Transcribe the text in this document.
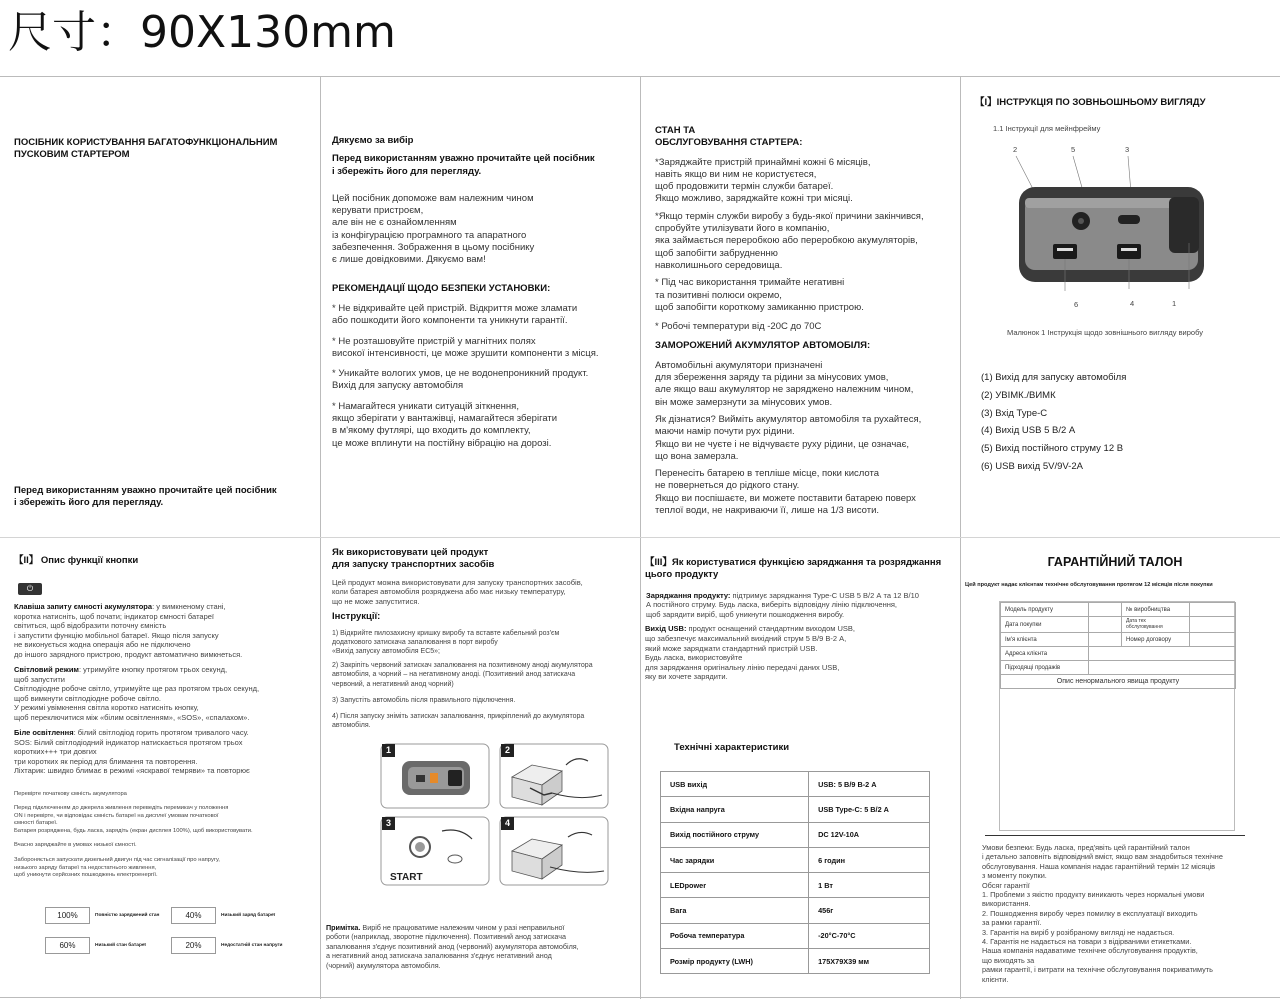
尺寸：90X130mm
ПОСІБНИК КОРИСТУВАННЯ БАГАТОФУНКЦІОНАЛЬНИМ
ПУСКОВИМ СТАРТЕРОМ
Перед використанням уважно прочитайте цей посібник
і збережіть його для перегляду.
Дякуємо за вибір
Перед використанням уважно прочитайте цей посібник
і збережіть його для перегляду.
Цей посібник допоможе вам належним чином
керувати пристроєм,
але він не є ознайомленням
із конфігурацією програмного та апаратного
забезпечення. Зображення в цьому посібнику
є лише довідковими. Дякуємо вам!
РЕКОМЕНДАЦІЇ ЩОДО БЕЗПЕКИ УСТАНОВКИ:
* Не відкривайте цей пристрій. Відкриття може зламати
або пошкодити його компоненти та уникнути гарантії.
* Не розташовуйте пристрій у магнітних полях
високої інтенсивності, це може зрушити компоненти з місця.
* Уникайте вологих умов, це не водонепроникний продукт.
Вихід для запуску автомобіля
* Намагайтеся уникати ситуацій зіткнення,
якщо зберігати у вантажівці, намагайтеся зберігати
в м'якому футлярі, що входить до комплекту,
це може вплинути на постійну вібрацію на дорозі.
СТАН ТА
ОБСЛУГОВУВАННЯ СТАРТЕРА:
*Заряджайте пристрій принаймні кожні 6 місяців,
навіть якщо ви ним не користуєтеся,
щоб продовжити термін служби батареї.
Якщо можливо, заряджайте кожні три місяці.
*Якщо термін служби виробу з будь-якої причини закінчився,
спробуйте утилізувати його в компанію,
яка займається переробкою або переробкою акумуляторів,
щоб запобігти забрудненню
навколишнього середовища.
* Під час використання тримайте негативні
та позитивні полюси окремо,
щоб запобігти короткому замиканню пристрою.
* Робочі температури від -20С до 70С
ЗАМОРОЖЕНИЙ АКУМУЛЯТОР АВТОМОБІЛЯ:
Автомобільні акумулятори призначені
для збереження заряду та рідини за мінусових умов,
але якщо ваш акумулятор не заряджено належним чином,
він може замерзнути за мінусових умов.
Як дізнатися? Вийміть акумулятор автомобіля та рухайтеся,
маючи намір почути рух рідини.
Якщо ви не чуєте і не відчуваєте руху рідини, це означає,
що вона замерзла.
Перенесіть батарею в тепліше місце, поки кислота
не повернеться до рідкого стану.
Якщо ви поспішаєте, ви можете поставити батарею поверх
теплої води, не накриваючи її, лише на 1/3 висоти.
【I】ІНСТРУКЦІЯ ПО ЗОВНЬОШНЬОМУ ВИГЛЯДУ
1.1 Інструкції для мейнфрейму
2	5	3
6	4	1
Малюнок 1 Інструкція щодо зовнішнього вигляду виробу
(1) Вихід для запуску автомобіля
(2) УВІМК./ВИМК
(3) Вхід Type-C
(4) Вихід USB 5 В/2 А
(5) Вихід постійного струму 12 В
(6) USB вихід 5V/9V-2A
【II】 Опис функції кнопки
⏻
Клавіша запиту ємності акумулятора: у вимкненому стані,
коротка натисніть, щоб почати; індикатор ємності батареї
світиться, щоб відобразити поточну ємність
і запустити функцію мобільної батареї. Якщо після запуску
не виконується жодна операція або не підключено
до іншого зарядного пристрою, продукт автоматично вимкнеться.
Світловий режим: утримуйте кнопку протягом трьох секунд,
щоб запустити
Світлодіодне робоче світло, утримуйте ще раз протягом трьох секунд,
щоб вимкнути світлодіодне робоче світло.
У режимі увімкнення світла коротко натисніть кнопку,
щоб переключитися між «білим освітленням», «SOS», «спалахом».
Біле освітлення: білий світлодіод горить протягом тривалого часу.
SOS: Білий світлодіодний індикатор натискається протягом трьох
коротких+++ три довгих
три коротких як період для блимання та повторення.
Ліхтарик: швидко блимає в режимі «яскравої темряви» та повторює
Перевірте початкову ємність акумулятора
Перед підключенням до джерела живлення переведіть перемикач у положення
ON і перевірте, чи відповідає ємність батареї на дисплеї умовам початкової
ємності батареї.
Батарея розряджена, будь ласка, зарядіть (екран дисплея 100%), щоб використовувати.
Вчасно заряджайте в умовах низької ємності.
Забороняється запускати дизельний двигун під час сигналізації про напругу,
низького заряду батареї та недостатнього живлення,
щоб уникнути серйозних пошкоджень електроенергії.
100%	Повністю заряджений стан	40%	Низький заряд батареї
60%	Низький стан батареї	20%	Недостатній стан напруги
Як використовувати цей продукт
для запуску транспортних засобів
Цей продукт можна використовувати для запуску транспортних засобів,
коли батарея автомобіля розряджена або має низьку температуру,
що не може запуститися.
Інструкції:
1) Відкрийте пилозахисну кришку виробу та вставте кабельний роз'єм
додаткового затискача запалювання в порт виробу
«Вихід запуску автомобіля EC5»;
2) Закріпіть червоний затискач запалювання на позитивному аноді акумулятора
автомобіля, а чорний – на негативному аноді. (Позитивний анод затискача
червоний, а негативний анод чорний)
3) Запустіть автомобіль після правильного підключення.
4) Після запуску зніміть затискач запалювання, прикріплений до акумулятора
автомобіля.
1	2
3	4
START
Примітка. Виріб не працюватиме належним чином у разі неправильної
роботи (наприклад, зворотне підключення). Позитивний анод затискача
запалювання з'єднує позитивний анод (червоний) акумулятора автомобіля,
а негативний анод затискача запалювання з'єднує негативний анод
(чорний) акумулятора автомобіля.
【III】Як користуватися функцією заряджання та розряджання
цього продукту
Заряджання продукту: підтримує заряджання Type-C USB 5 В/2 А та 12 В/10
А постійного струму. Будь ласка, виберіть відповідну лінію підключення,
щоб зарядити виріб, щоб уникнути пошкодження виробу.
Вихід USB: продукт оснащений стандартним виходом USB,
що забезпечує максимальний вихідний струм 5 В/9 В-2 А,
який може заряджати стандартний пристрій USB.
Будь ласка, використовуйте
для заряджання оригінальну лінію передачі даних USB,
яку ви хочете зарядити.
Технічні характеристики
USB вихід	USB: 5 В/9 В-2 А
Вхідна напруга	USB Type-C: 5 В/2 А
Вихід постійного струму	DC 12V-10A
Час зарядки	6 годин
LEDpower	1 Вт
Вага	456г
Робоча температура	-20°C-70°C
Розмір продукту (LWH)	175X79X39 мм
ГАРАНТІЙНИЙ ТАЛОН
Цей продукт надає клієнтам технічне обслуговування протягом 12 місяців після покупки
Модель продукту		№ виробництва	
Дата покупки		Дата тех
обслуговування	
Ім'я клієнта		Номер договору	
Адреса клієнта			
Підходящі продажів			
Опис ненормального явища продукту			
Умови безпеки: Будь ласка, пред'явіть цей гарантійний талон
і детально заповніть відповідний вміст, якщо вам знадобиться технічне
обслуговування. Наша компанія надає гарантійний термін 12 місяців
з моменту покупки.
Обсяг гарантії
1. Проблеми з якістю продукту виникають через нормальні умови
використання.
2. Пошкодження виробу через помилку в експлуатації виходить
за рамки гарантії.
3. Гарантія на виріб у розібраному вигляді не надається.
4. Гарантія не надається на товари з відірваними етикетками.
Наша компанія надаватиме технічне обслуговування продуктів,
що виходять за
рамки гарантії, і витрати на технічне обслуговування покриватимуть
клієнти.
